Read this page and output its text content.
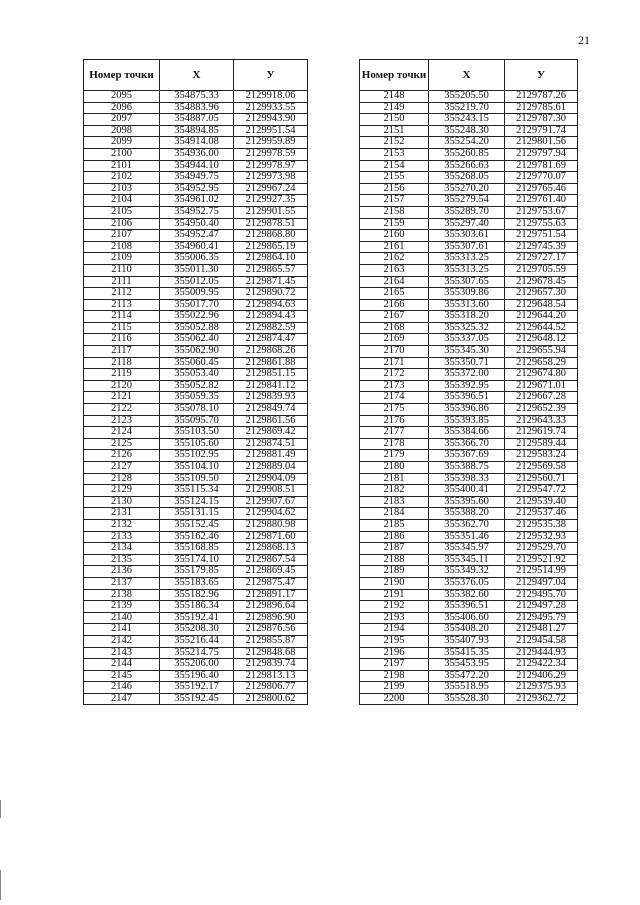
21
Номер точки	X	У
2095	354875.33	2129918.06
2096	354883.96	2129933.55
2097	354887.05	2129943.90
2098	354894.85	2129951.54
2099	354914.08	2129959.89
2100	354936.00	2129978.59
2101	354944.10	2129978.97
2102	354949.75	2129973.98
2103	354952.95	2129967.24
2104	354961.02	2129927.35
2105	354952.75	2129901.55
2106	354950.40	2129878.51
2107	354952.47	2129868.80
2108	354960.41	2129865.19
2109	355006.35	2129864.10
2110	355011.30	2129865.57
2111	355012.05	2129871.45
2112	355009.95	2129890.72
2113	355017.70	2129894.63
2114	355022.96	2129894.43
2115	355052.88	2129882.59
2116	355062.40	2129874.47
2117	355062.90	2129868.26
2118	355060.45	2129861.88
2119	355053.40	2129851.15
2120	355052.82	2129841.12
2121	355059.35	2129839.93
2122	355078.10	2129849.74
2123	355095.70	2129861.56
2124	355103.50	2129869.42
2125	355105.60	2129874.51
2126	355102.95	2129881.49
2127	355104.10	2129889.04
2128	355109.50	2129904.09
2129	355115.34	2129908.51
2130	355124.15	2129907.67
2131	355131.15	2129904.62
2132	355152.45	2129880.98
2133	355162.46	2129871.60
2134	355168.85	2129868.13
2135	355174.10	2129867.54
2136	355179.85	2129869.45
2137	355183.65	2129875.47
2138	355182.96	2129891.17
2139	355186.34	2129896.64
2140	355192.41	2129896.90
2141	355208.30	2129876.56
2142	355216.44	2129855.87
2143	355214.75	2129848.68
2144	355206.00	2129839.74
2145	355196.40	2129813.13
2146	355192.17	2129806.77
2147	355192.45	2129800.62
Номер точки	X	У
2148	355205.50	2129787.26
2149	355219.70	2129785.61
2150	355243.15	2129787.30
2151	355248.30	2129791.74
2152	355254.20	2129801.56
2153	355260.85	2129797.94
2154	355266.63	2129781.69
2155	355268.05	2129770.07
2156	355270.20	2129765.46
2157	355279.54	2129761.40
2158	355289.70	2129753.67
2159	355297.40	2129755.63
2160	355303.61	2129751.54
2161	355307.61	2129745.39
2162	355313.25	2129727.17
2163	355313.25	2129705.59
2164	355307.65	2129678.45
2165	355309.86	2129657.30
2166	355313.60	2129648.54
2167	355318.20	2129644.20
2168	355325.32	2129644.52
2169	355337.05	2129648.12
2170	355345.30	2129655.94
2171	355350.71	2129658.29
2172	355372.00	2129674.80
2173	355392.95	2129671.01
2174	355396.51	2129667.28
2175	355396.86	2129652.39
2176	355393.85	2129643.33
2177	355384.66	2129619.74
2178	355366.70	2129589.44
2179	355367.69	2129583.24
2180	355388.75	2129569.58
2181	355398.33	2129560.71
2182	355400.41	2129547.72
2183	355395.60	2129539.40
2184	355388.20	2129537.46
2185	355362.70	2129535.38
2186	355351.46	2129532.93
2187	355345.97	2129529.70
2188	355345.11	2129521.92
2189	355349.32	2129514.99
2190	355376.05	2129497.04
2191	355382.60	2129495.70
2192	355396.51	2129497.28
2193	355406.60	2129495.79
2194	355408.20	2129481.27
2195	355407.93	2129454.58
2196	355415.35	2129444.93
2197	355453.95	2129422.34
2198	355472.20	2129406.29
2199	355518.95	2129375.93
2200	355528.30	2129362.72
